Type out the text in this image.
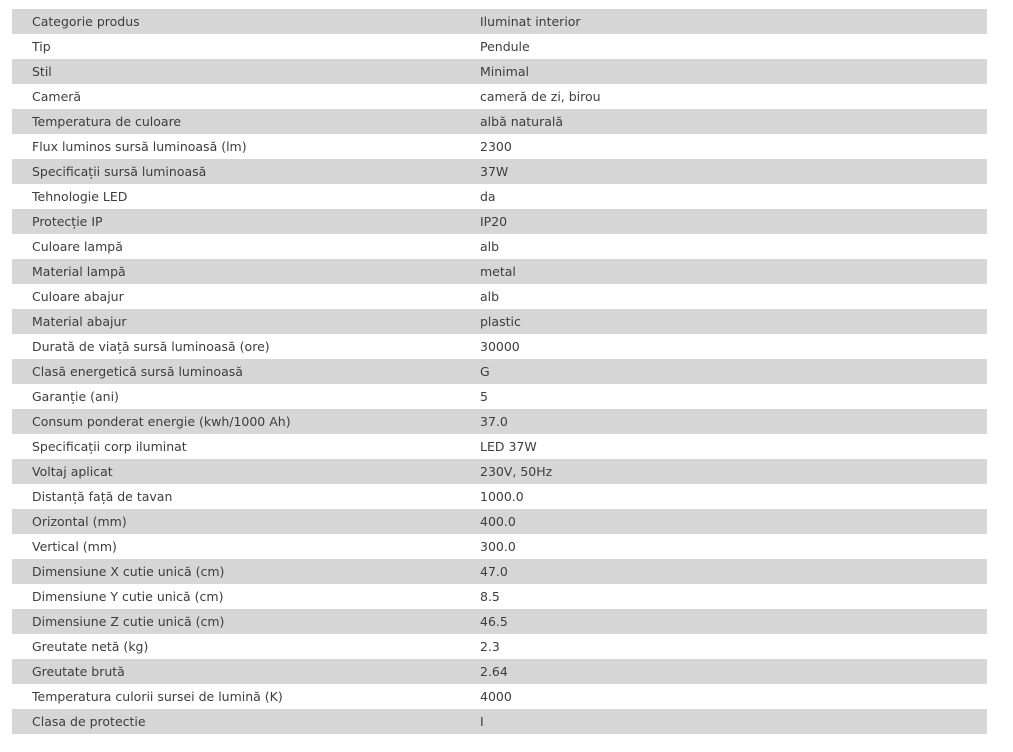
Categorie produs	Iluminat interior
Tip	Pendule
Stil	Minimal
Cameră	cameră de zi, birou
Temperatura de culoare	albă naturală
Flux luminos sursă luminoasă (lm)	2300
Specificații sursă luminoasă	37W
Tehnologie LED	da
Protecție IP	IP20
Culoare lampă	alb
Material lampă	metal
Culoare abajur	alb
Material abajur	plastic
Durată de viață sursă luminoasă (ore)	30000
Clasă energetică sursă luminoasă	G
Garanție (ani)	5
Consum ponderat energie (kwh/1000 Ah)	37.0
Specificații corp iluminat	LED 37W
Voltaj aplicat	230V, 50Hz
Distanță față de tavan	1000.0
Orizontal (mm)	400.0
Vertical (mm)	300.0
Dimensiune X cutie unică (cm)	47.0
Dimensiune Y cutie unică (cm)	8.5
Dimensiune Z cutie unică (cm)	46.5
Greutate netă (kg)	2.3
Greutate brută	2.64
Temperatura culorii sursei de lumină (K)	4000
Clasa de protectie	I
